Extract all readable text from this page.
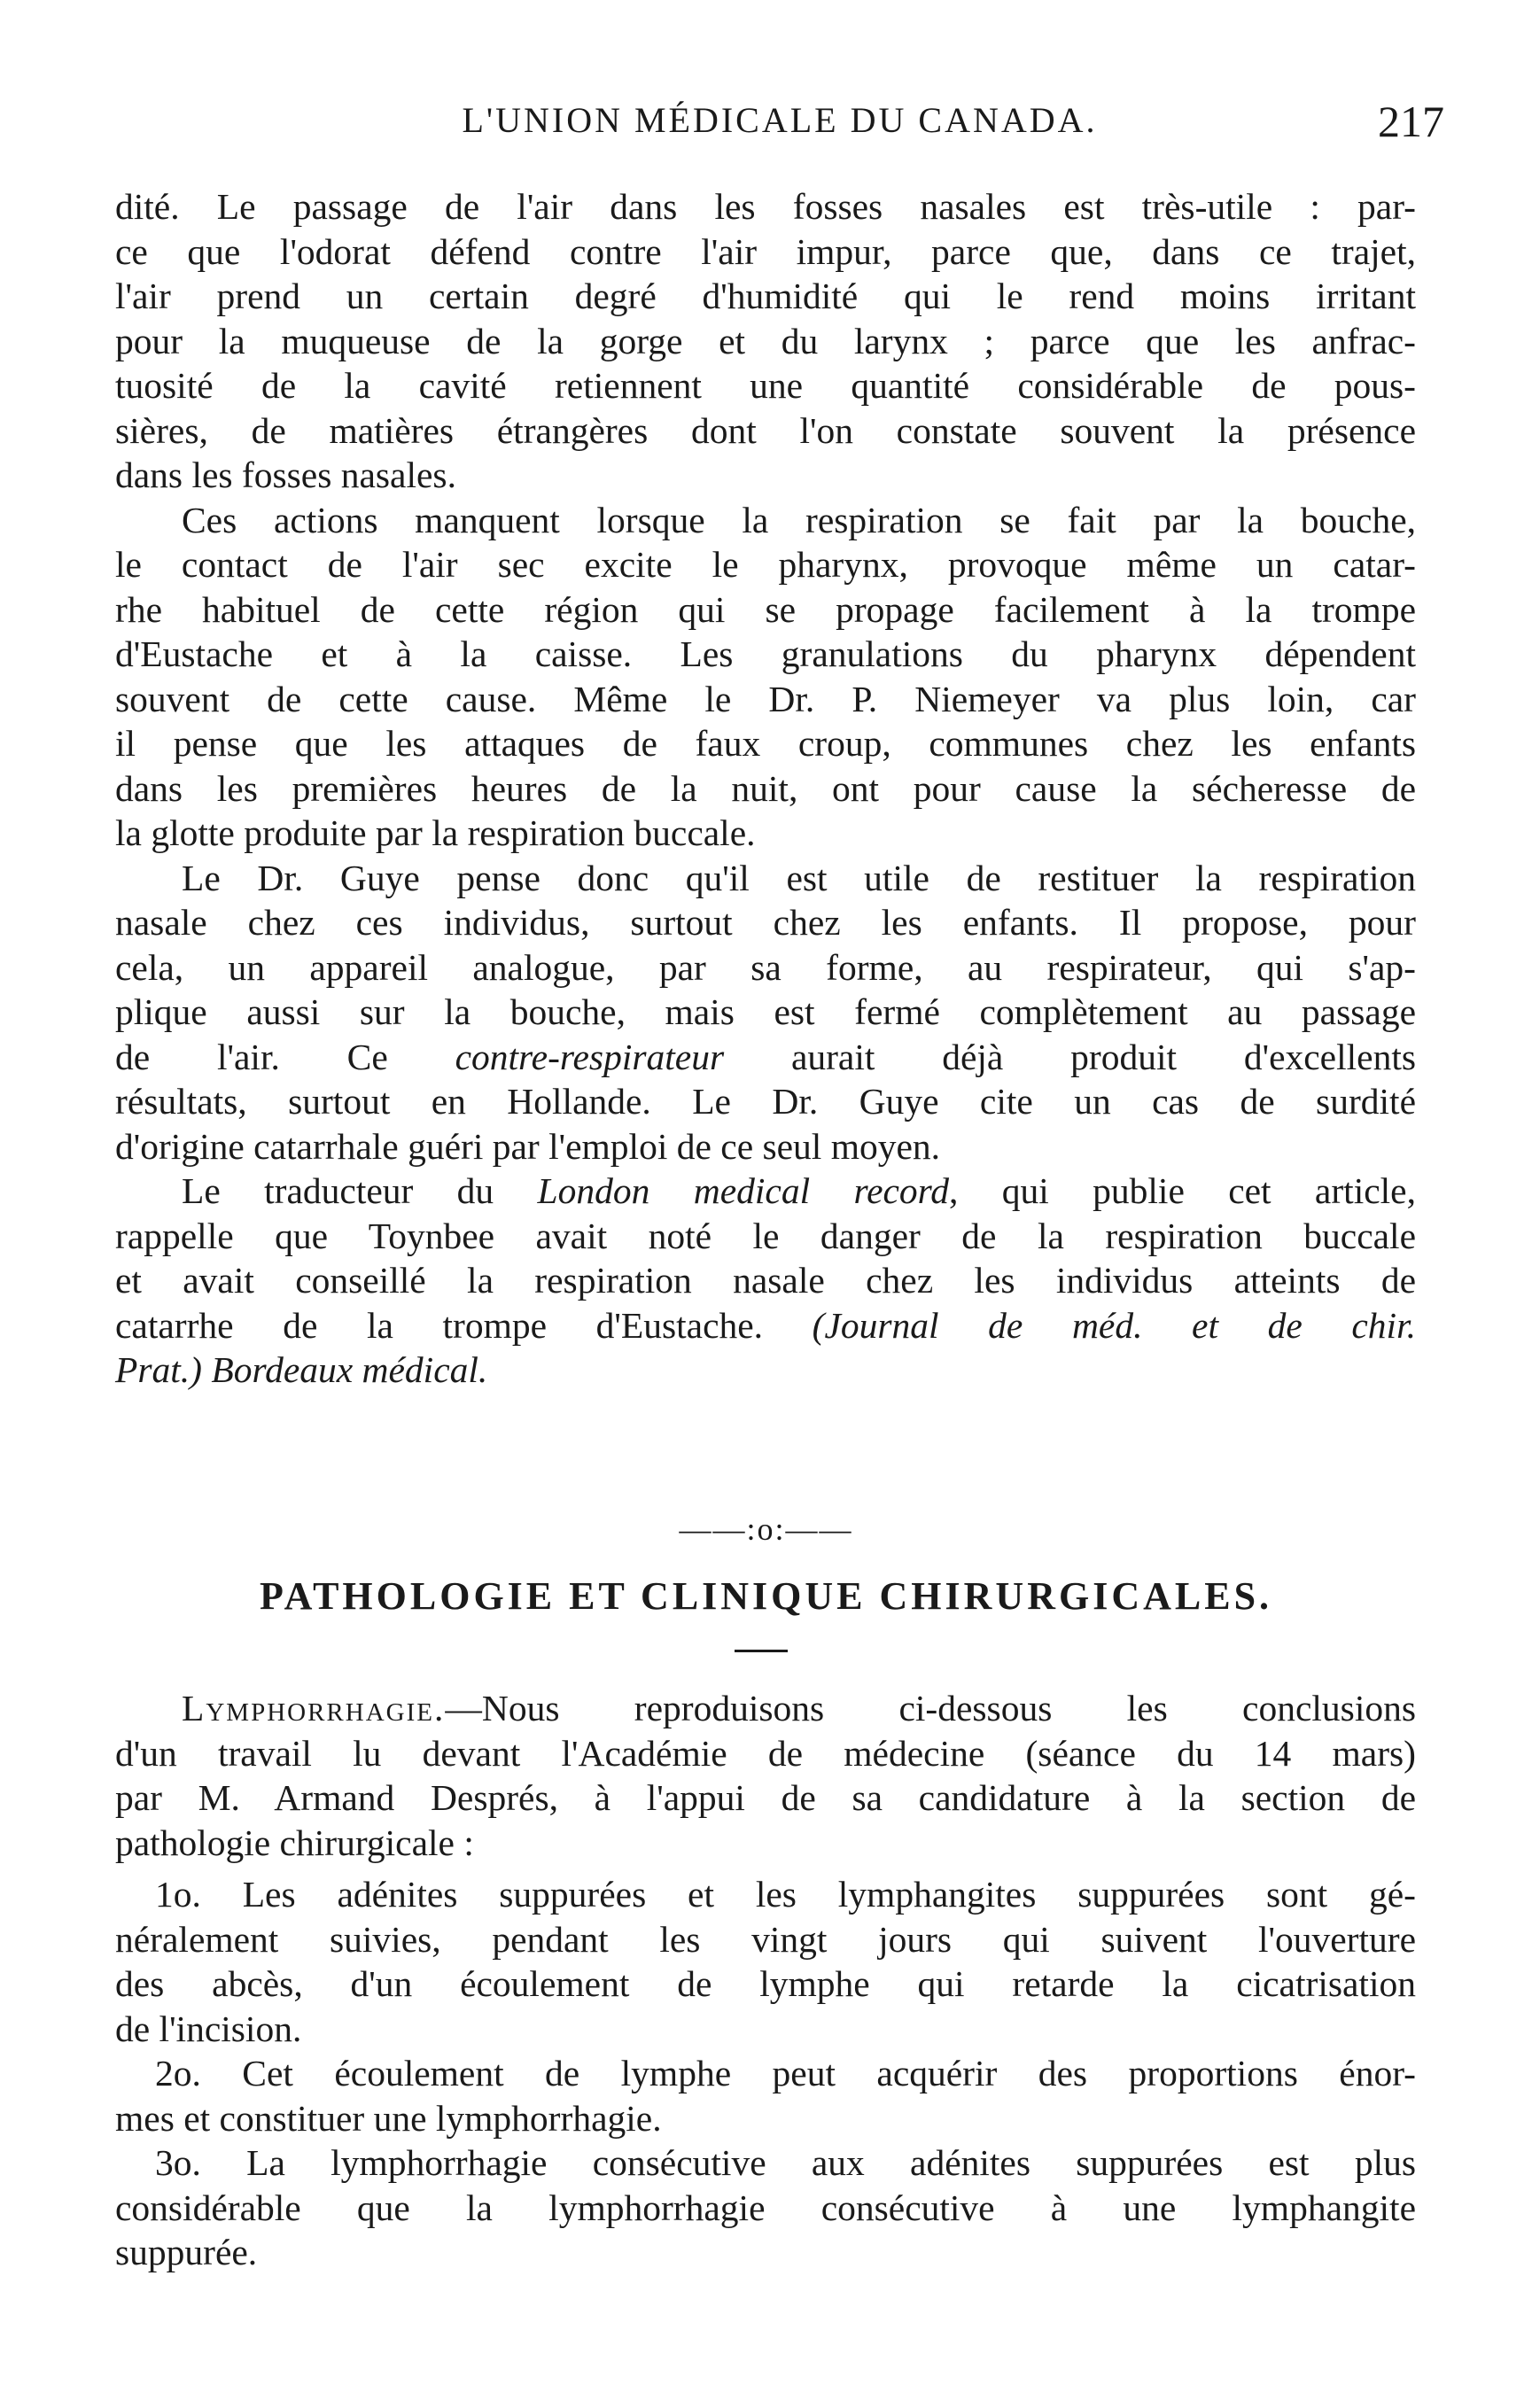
L'UNION MÉDICALE DU CANADA.	217
dité. Le passage de l'air dans les fosses nasales est très-utile : par-
ce que l'odorat défend contre l'air impur, parce que, dans ce trajet,
l'air prend un certain degré d'humidité qui le rend moins irritant
pour la muqueuse de la gorge et du larynx ; parce que les anfrac-
tuosité de la cavité retiennent une quantité considérable de pous-
sières, de matières étrangères dont l'on constate souvent la présence
dans les fosses nasales.
Ces actions manquent lorsque la respiration se fait par la bouche,
le contact de l'air sec excite le pharynx, provoque même un catar-
rhe habituel de cette région qui se propage facilement à la trompe
d'Eustache et à la caisse. Les granulations du pharynx dépendent
souvent de cette cause. Même le Dr. P. Niemeyer va plus loin, car
il pense que les attaques de faux croup, communes chez les enfants
dans les premières heures de la nuit, ont pour cause la sécheresse de
la glotte produite par la respiration buccale.
Le Dr. Guye pense donc qu'il est utile de restituer la respiration
nasale chez ces individus, surtout chez les enfants. Il propose, pour
cela, un appareil analogue, par sa forme, au respirateur, qui s'ap-
plique aussi sur la bouche, mais est fermé complètement au passage
de l'air. Ce contre-respirateur aurait déjà produit d'excellents
résultats, surtout en Hollande. Le Dr. Guye cite un cas de surdité
d'origine catarrhale guéri par l'emploi de ce seul moyen.
Le traducteur du London medical record, qui publie cet article,
rappelle que Toynbee avait noté le danger de la respiration buccale
et avait conseillé la respiration nasale chez les individus atteints de
catarrhe de la trompe d'Eustache. (Journal de méd. et de chir.
Prat.) Bordeaux médical.
——:o:——
PATHOLOGIE ET CLINIQUE CHIRURGICALES.
Lymphorrhagie.—Nous reproduisons ci-dessous les conclusions
d'un travail lu devant l'Académie de médecine (séance du 14 mars)
par M. Armand Després, à l'appui de sa candidature à la section de
pathologie chirurgicale :
1o. Les adénites suppurées et les lymphangites suppurées sont gé-
néralement suivies, pendant les vingt jours qui suivent l'ouverture
des abcès, d'un écoulement de lymphe qui retarde la cicatrisation
de l'incision.
2o. Cet écoulement de lymphe peut acquérir des proportions énor-
mes et constituer une lymphorrhagie.
3o. La lymphorrhagie consécutive aux adénites suppurées est plus
considérable que la lymphorrhagie consécutive à une lymphangite
suppurée.
